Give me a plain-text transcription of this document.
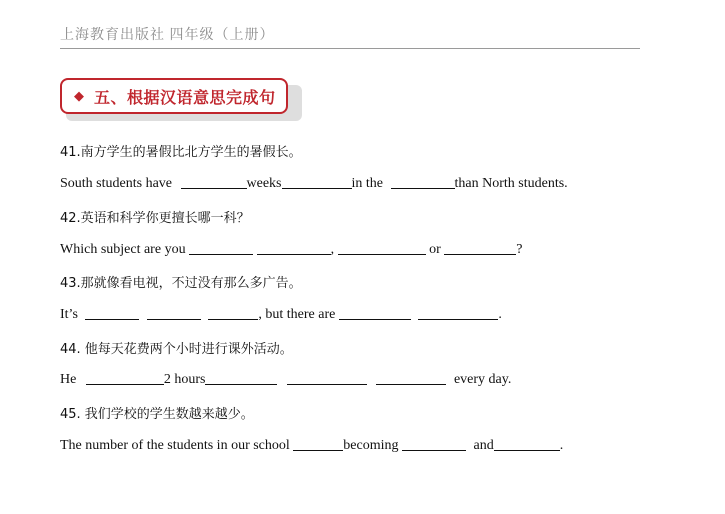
上海教育出版社 四年级（上册）
◆ 五、根据汉语意思完成句
41.南方学生的暑假比北方学生的暑假长。
South students have	weeks	in the	than North students.
42.英语和科学你更擅长哪一科？
Which subject are you	,	or	?
43.那就像看电视，不过没有那么多广告。
It’s	, but there are	.
44. 他每天花费两个小时进行课外活动。
He	2 hours	every day.
45. 我们学校的学生数越来越少。
The number of the students in our school	becoming	and	.
